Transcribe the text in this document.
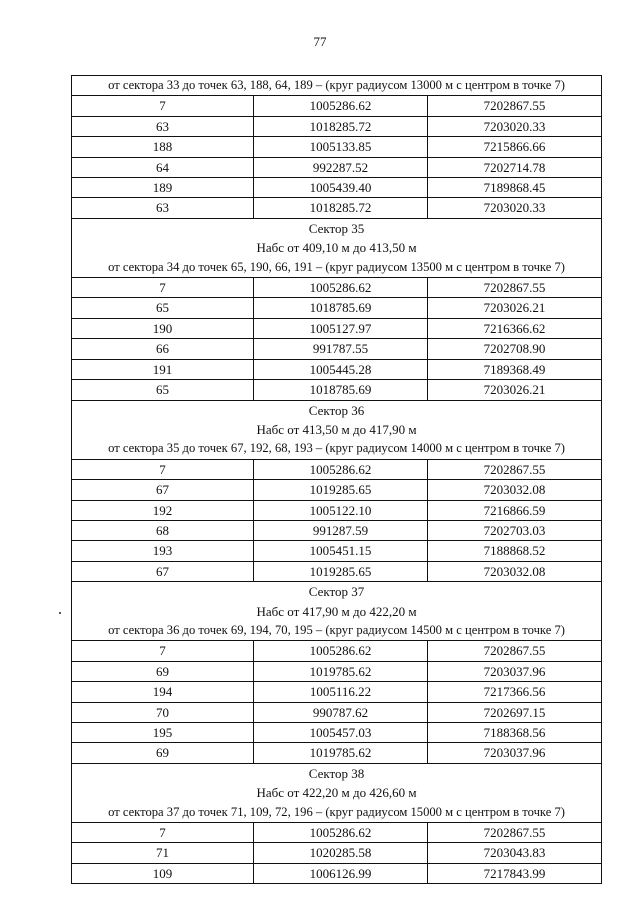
77
от сектора 33 до точек 63, 188, 64, 189 – (круг радиусом 13000 м с центром в точке 7)		
7	1005286.62	7202867.55
63	1018285.72	7203020.33
188	1005133.85	7215866.66
64	992287.52	7202714.78
189	1005439.40	7189868.45
63	1018285.72	7203020.33
Сектор 35		
Набс от 409,10 м до 413,50 м		
от сектора 34 до точек 65, 190, 66, 191 – (круг радиусом 13500 м с центром в точке 7)		
7	1005286.62	7202867.55
65	1018785.69	7203026.21
190	1005127.97	7216366.62
66	991787.55	7202708.90
191	1005445.28	7189368.49
65	1018785.69	7203026.21
Сектор 36		
Набс от 413,50 м до 417,90 м		
от сектора 35 до точек 67, 192, 68, 193 – (круг радиусом 14000 м с центром в точке 7)		
7	1005286.62	7202867.55
67	1019285.65	7203032.08
192	1005122.10	7216866.59
68	991287.59	7202703.03
193	1005451.15	7188868.52
67	1019285.65	7203032.08
Сектор 37		
Набс от 417,90 м до 422,20 м		
от сектора 36 до точек 69, 194, 70, 195 – (круг радиусом 14500 м с центром в точке 7)		
7	1005286.62	7202867.55
69	1019785.62	7203037.96
194	1005116.22	7217366.56
70	990787.62	7202697.15
195	1005457.03	7188368.56
69	1019785.62	7203037.96
Сектор 38		
Набс от 422,20 м до 426,60 м		
от сектора 37 до точек 71, 109, 72, 196 – (круг радиусом 15000 м с центром в точке 7)		
7	1005286.62	7202867.55
71	1020285.58	7203043.83
109	1006126.99	7217843.99
